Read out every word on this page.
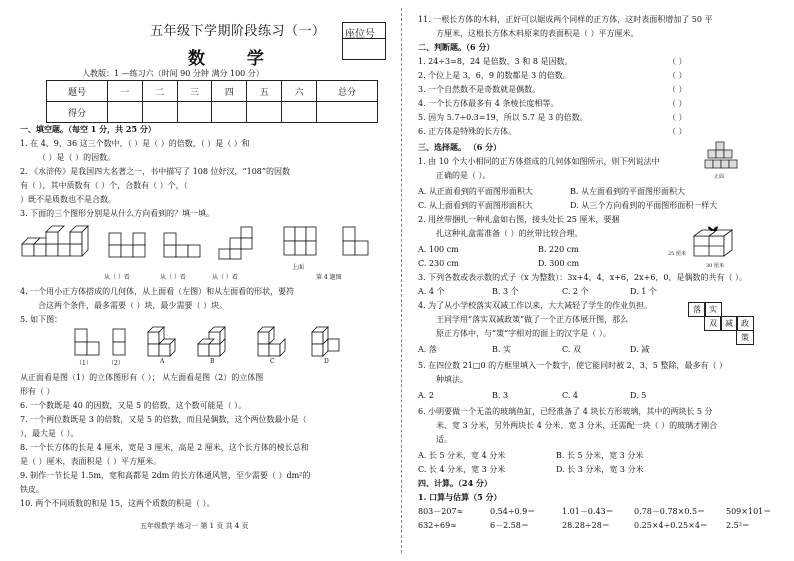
五年级下学期阶段练习（一）
数 学
座位号
人教版：1 —练习六（时间 90 分钟 满分 100 分）
题号	一	二	三	四	五	六	总分
得分							
一、填空题。（每空 1 分，共 25 分）
1. 在 4、9、36 这三个数中，（ ）是（ ）的倍数，（ ）是（ ）和
（ ）是（ ）的因数。
2. 《水浒传》是我国四大名著之一，书中描写了 108 位好汉，“108”的因数
有（ ），其中质数有（ ）个，合数有（ ）个，（
）既不是质数也不是合数。
3. 下面的三个图形分别是从什么方向看到的？填一填。
从（ ）看	从（ ）看	从（ ）看
上面
第 4 题图
4. 一个用小正方体搭成的几何体，从上面看（左图）和从左面看的形状，要符
合这两个条件，最多需要（ ）块，最少需要（ ）块。
5. 如下图：
（1）	（2）	A	B	C	D
从正面看是图（1）的立体图形有（ ）； 从左面看是图（2）的立体图
形有（ ）
6. 一个数既是 40 的因数，又是 5 的倍数，这个数可能是（ ）。
7. 一个两位数既是 3 的倍数，又是 5 的倍数，而且是偶数，这个两位数最小是（
），最大是（ ）。
8. 一个长方体的长是 4 厘米，宽是 3 厘米，高是 2 厘米，这个长方体的棱长总和
是（ ）厘米，表面积是（ ）平方厘米。
9. 制作一节长是 1.5m，宽和高都是 2dm 的长方体通风管，至少需要（ ）dm²的
铁皮。
10. 两个不同质数的和是 15，这两个质数的积是（ ）。
五年级数学 练习一 第 1 页 共 4 页
11. 一根长方体的木料，正好可以锯成两个同样的正方体，这时表面积增加了 50 平
方厘米，这根长方体木料原来的表面积是（ ）平方厘米。
二、判断题。（6 分）
1. 24÷3=8，24 是倍数，3 和 8 是因数。	（ ）
2. 个位上是 3，6，9 的数都是 3 的倍数。	（ ）
3. 一个自然数不是奇数就是偶数。	（ ）
4. 一个长方体最多有 4 条棱长度相等。	（ ）
5. 因为 5.7÷0.3=19，所以 5.7 是 3 的倍数。	（ ）
6. 正方体是特殊的长方体。	（ ）
三、选择题。 （6 分）
正面
1. 由 10 个大小相同的正方体搭成的几何体如图所示，则下列说法中
正确的是（ ）。
A. 从正面看到的平面图形面积大	B. 从左面看到的平面图形面积大
C. 从上面看到的平面图形面积大	D. 从三个方向看到的平面图形面积一样大
2. 用丝带捆扎一种礼盒如右图，接头处长 25 厘米，要捆
扎这种礼盒需准备（ ）的丝带比较合理。
25 厘米
30 厘米
A. 100 cm	B. 220 cm
C. 230 cm	D. 300 cm
3. 下列各数或表示数的式子（x 为整数）：3x+4，4，x+6，2x+6，0，是偶数的共有（ ）。
A. 4 个	B. 3 个	C. 2 个	D. 1 个
4. 为了从小学校落实双减工作以来，大大减轻了学生的作业负担。
王同学用“落实双减政策”做了一个正方体展开图，那么
原正方体中，与“策”字相对的面上的汉字是（ ）。
落	实
双	减	政
策
A. 落	B. 实	C. 双	D. 减
5. 在四位数 21□0 的方框里填入一个数字，使它能同时被 2、3、5 整除，最多有（ ）
种填法。
A. 2	B. 3	C. 4	D. 5
6. 小明要做一个无盖的玻璃鱼缸，已经准备了 4 块长方形玻璃，其中的两块长 5 分
米、宽 3 分米，另外两块长 4 分米、宽 3 分米，还需配一块（ ）的玻璃才刚合
适。
A. 长 5 分米，宽 4 分米	B. 长 5 分米，宽 3 分米
C. 长 4 分米，宽 3 分米	D. 长 3 分米，宽 3 分米
四、计算。（24 分）
1. 口算与估算（5 分）
803－207≈	0.54÷0.9＝	1.01－0.43＝	0.78－0.78×0.5＝	509×101＝
632÷69≈	6－2.58＝	28.28÷28＝	0.25×4÷0.25×4＝ 2.5²＝
